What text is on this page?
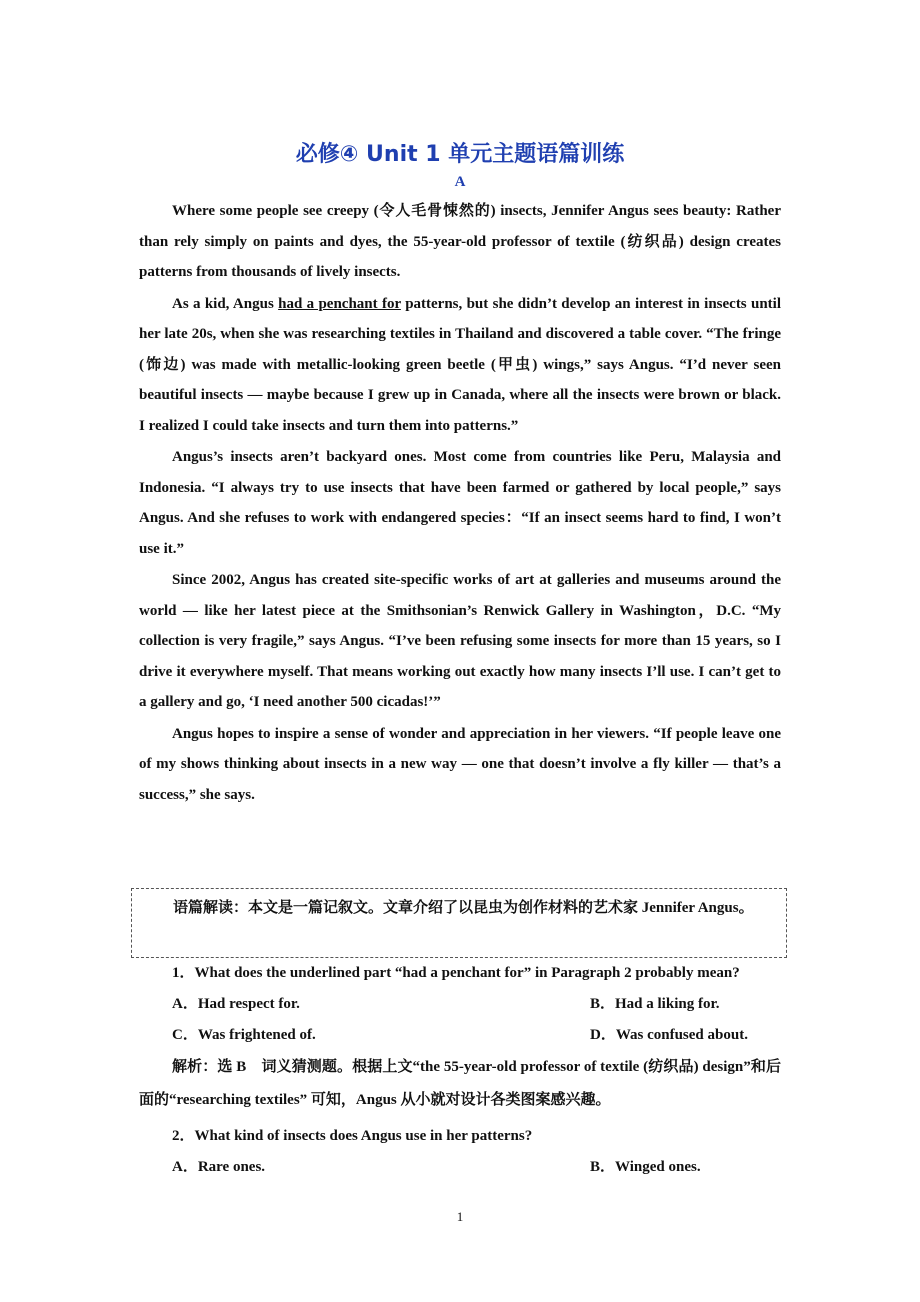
必修④ Unit 1 单元主题语篇训练
A

Where some people see creepy (令人毛骨悚然的) insects, Jennifer Angus sees beauty: Rather than rely simply on paints and dyes, the 55-year-old professor of textile (纺织品) design creates patterns from thousands of lively insects.

As a kid, Angus had a penchant for patterns, but she didn’t develop an interest in insects until her late 20s, when she was researching textiles in Thailand and discovered a table cover. “The fringe (饰边) was made with metallic-looking green beetle (甲虫) wings,” says Angus. “I’d never seen beautiful insects — maybe because I grew up in Canada, where all the insects were brown or black. I realized I could take insects and turn them into patterns.”

Angus’s insects aren’t backyard ones. Most come from countries like Peru, Malaysia and Indonesia. “I always try to use insects that have been farmed or gathered by local people,” says Angus. And she refuses to work with endangered species：“If an insect seems hard to find, I won’t use it.”

Since 2002, Angus has created site-specific works of art at galleries and museums around the world — like her latest piece at the Smithsonian’s Renwick Gallery in Washington，D.C. “My collection is very fragile,” says Angus. “I’ve been refusing some insects for more than 15 years, so I drive it everywhere myself. That means working out exactly how many insects I’ll use. I can’t get to a gallery and go, ‘I need another 500 cicadas!’”

Angus hopes to inspire a sense of wonder and appreciation in her viewers. “If people leave one of my shows thinking about insects in a new way — one that doesn’t involve a fly killer — that’s a success,” she says.

语篇解读：本文是一篇记叙文。文章介绍了以昆虫为创作材料的艺术家 Jennifer Angus。

1．What does the underlined part “had a penchant for” in Paragraph 2 probably mean?
A．Had respect for.	B．Had a liking for.
C．Was frightened of.	D．Was confused about.
解析：选 B　词义猜测题。根据上文“the 55-year-old professor of textile (纺织品) design”和后面的“researching textiles” 可知，Angus 从小就对设计各类图案感兴趣。
2．What kind of insects does Angus use in her patterns?
A．Rare ones.	B．Winged ones.
1
